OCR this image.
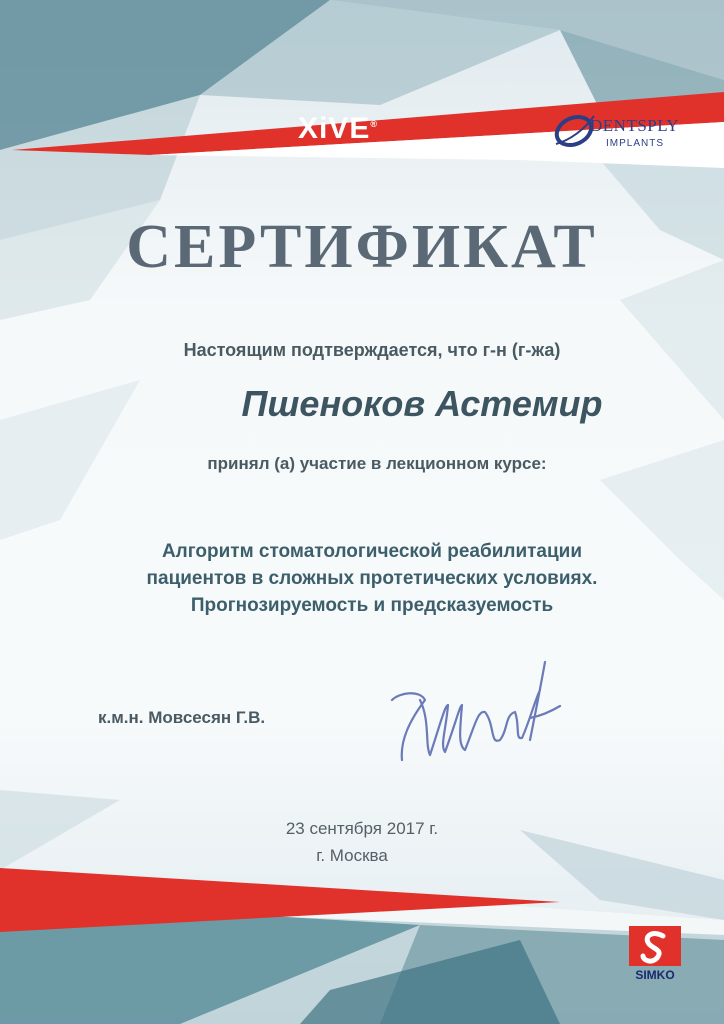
XiVE®	DENTSPLY
IMPLANTS
СЕРТИФИКАТ

Настоящим подтверждается, что г-н (г-жа)

Пшеноков Астемир

принял (а) участие в лекционном курсе:

Алгоритм стоматологической реабилитации
пациентов в сложных протетических условиях.
Прогнозируемость и предсказуемость
к.м.н. Мовсесян Г.В.

23 сентября 2017 г.

г. Москва

SIMKO
